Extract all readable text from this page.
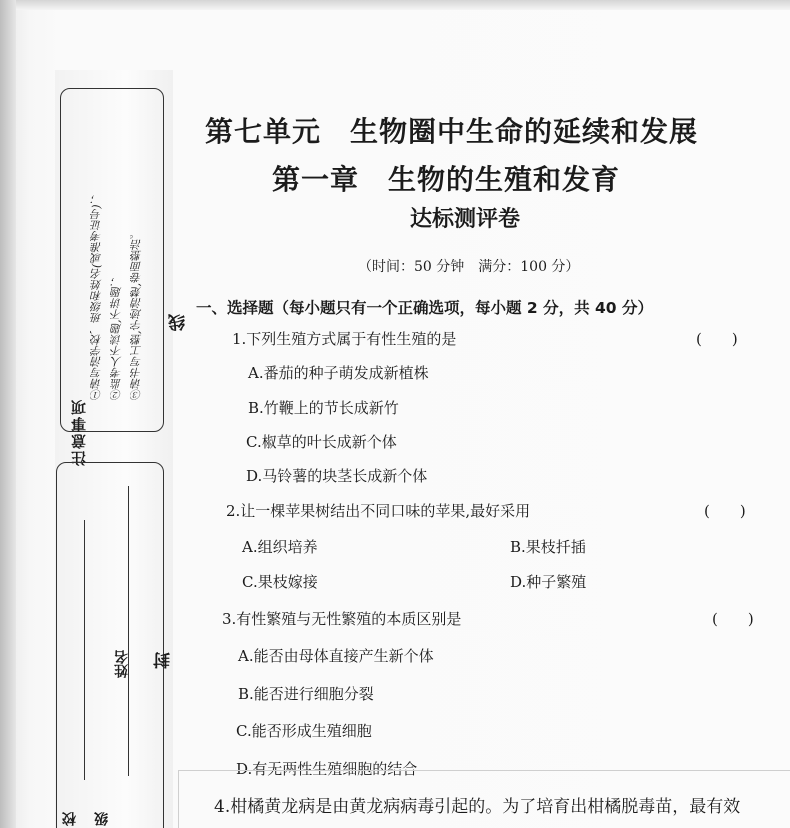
注意事项
①请写清学校、班级和姓名(或准考证号)； ②监考人不读题,不讲题； ③请书写工整,字迹清楚,卷面整洁。
姓名
校 级
线
封
第七单元　生物圈中生命的延续和发展
第一章　生物的生殖和发育
达标测评卷
（时间：50 分钟　满分：100 分）
一、选择题（每小题只有一个正确选项，每小题 2 分，共 40 分）
1.下列生殖方式属于有性生殖的是	(　　)
A.番茄的种子萌发成新植株
B.竹鞭上的节长成新竹
C.椒草的叶长成新个体
D.马铃薯的块茎长成新个体
2.让一棵苹果树结出不同口味的苹果,最好采用	(　　)
A.组织培养	B.果枝扦插
C.果枝嫁接	D.种子繁殖
3.有性繁殖与无性繁殖的本质区别是	(　　)
A.能否由母体直接产生新个体
B.能否进行细胞分裂
C.能否形成生殖细胞
D.有无两性生殖细胞的结合
4.柑橘黄龙病是由黄龙病病毒引起的。为了培育出柑橘脱毒苗，最有效
